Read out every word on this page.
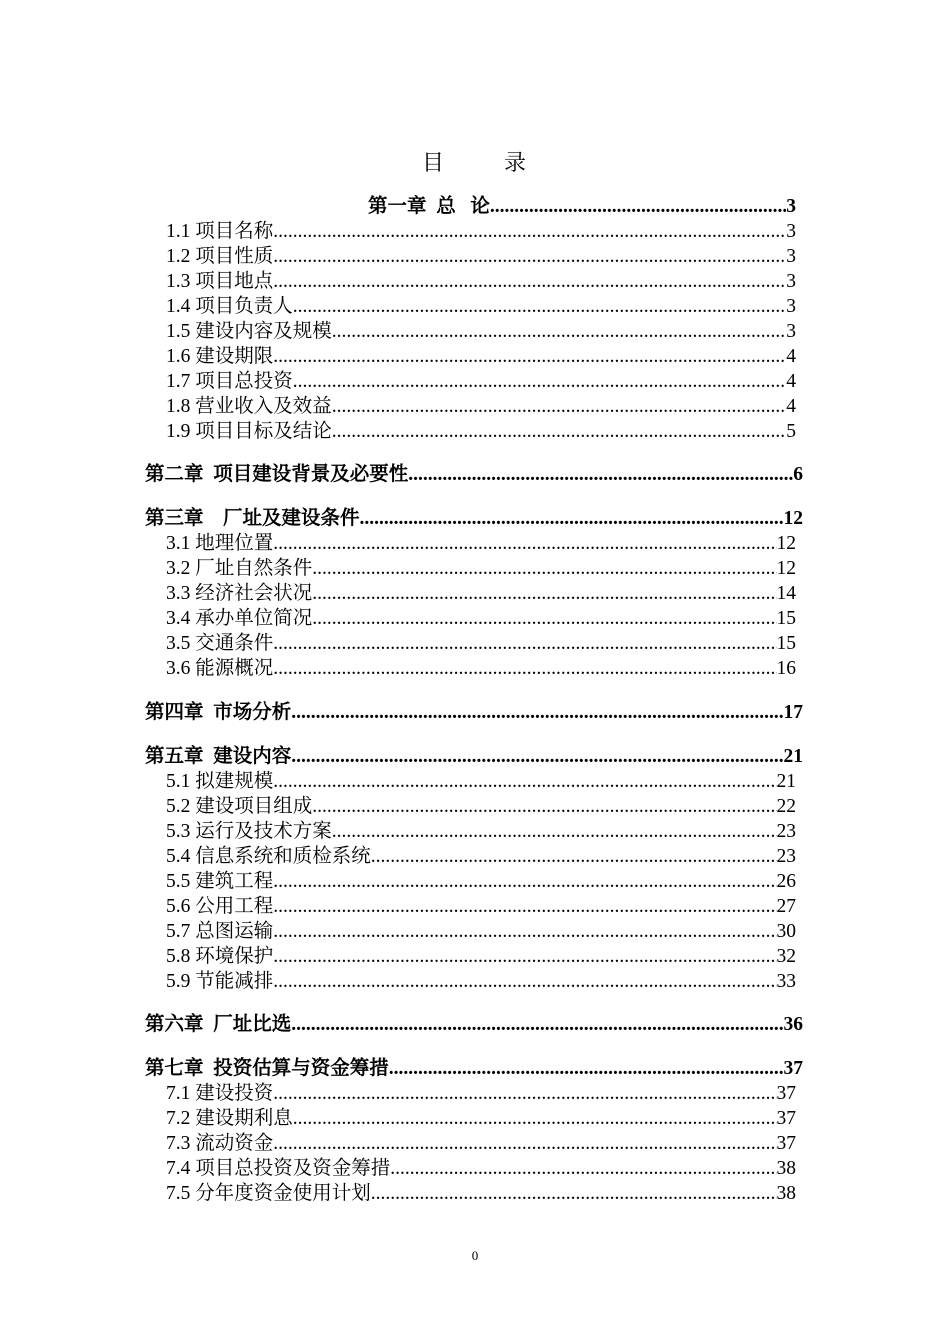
目	录
第一章  总   论 .....	3
1.1 项目名称 .....	3
1.2 项目性质 .....	3
1.3 项目地点 .....	3
1.4 项目负责人 .....	3
1.5 建设内容及规模 .....	3
1.6 建设期限 .....	4
1.7 项目总投资 .....	4
1.8 营业收入及效益 .....	4
1.9 项目目标及结论 .....	5
第二章  项目建设背景及必要性 .....	6
第三章    厂址及建设条件 .....	12
3.1 地理位置 .....	12
3.2 厂址自然条件 .....	12
3.3 经济社会状况 .....	14
3.4 承办单位简况 .....	15
3.5 交通条件 .....	15
3.6 能源概况 .....	16
第四章  市场分析 .....	17
第五章  建设内容 .....	21
5.1 拟建规模 .....	21
5.2 建设项目组成 .....	22
5.3 运行及技术方案 .....	23
5.4 信息系统和质检系统 .....	23
5.5 建筑工程 .....	26
5.6 公用工程 .....	27
5.7 总图运输 .....	30
5.8 环境保护 .....	32
5.9 节能减排 .....	33
第六章  厂址比选 .....	36
第七章  投资估算与资金筹措 .....	37
7.1 建设投资 .....	37
7.2 建设期利息 .....	37
7.3 流动资金 .....	37
7.4 项目总投资及资金筹措 .....	38
7.5 分年度资金使用计划 .....	38
0
